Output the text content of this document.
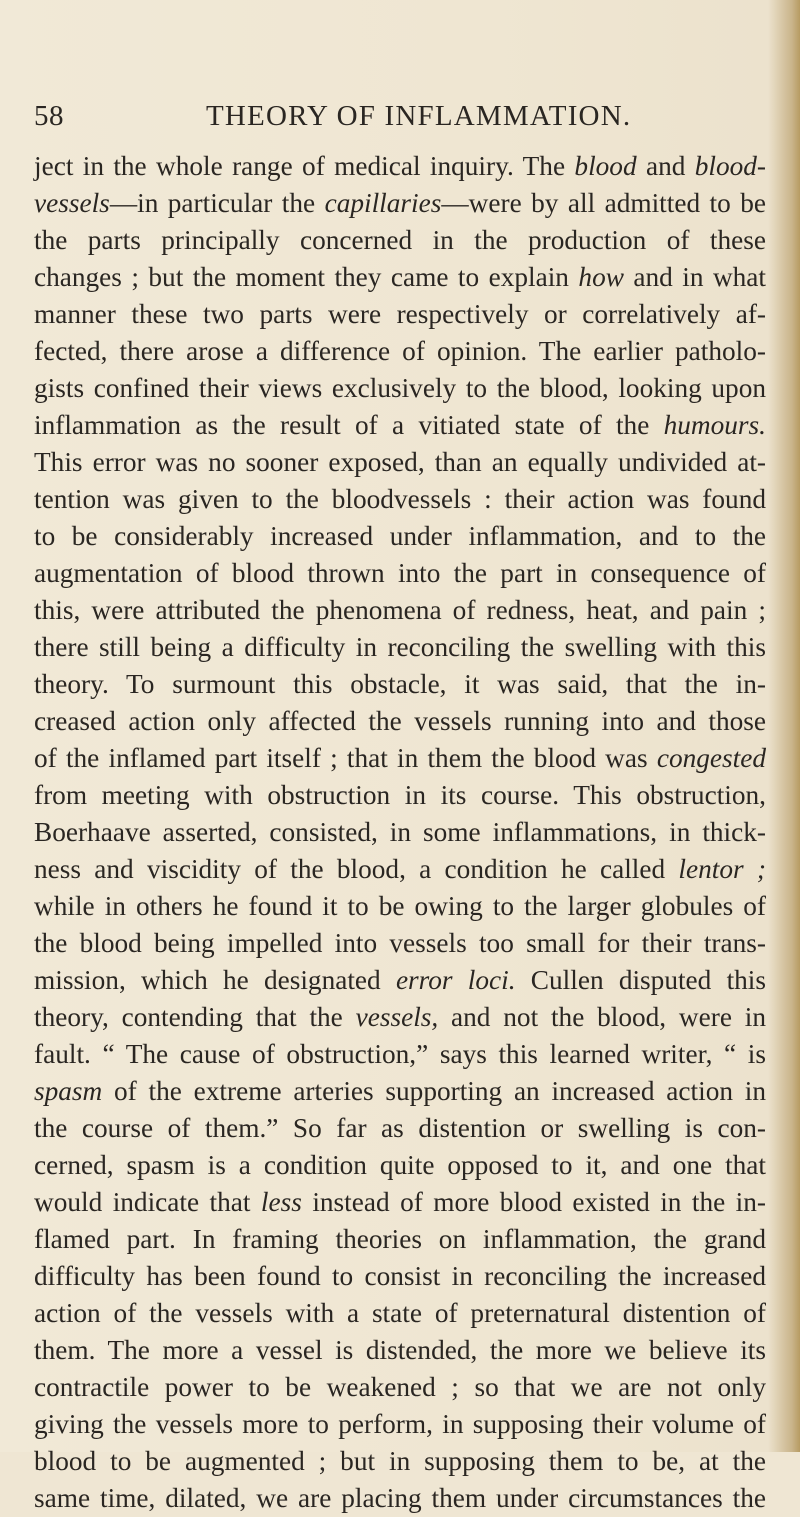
58	THEORY OF INFLAMMATION.
ject in the whole range of medical inquiry. The blood and blood-
vessels—in particular the capillaries—were by all admitted to be
the parts principally concerned in the production of these
changes ; but the moment they came to explain how and in what
manner these two parts were respectively or correlatively af-
fected, there arose a difference of opinion. The earlier patholo-
gists confined their views exclusively to the blood, looking upon
inflammation as the result of a vitiated state of the humours.
This error was no sooner exposed, than an equally undivided at-
tention was given to the bloodvessels : their action was found
to be considerably increased under inflammation, and to the
augmentation of blood thrown into the part in consequence of
this, were attributed the phenomena of redness, heat, and pain ;
there still being a difficulty in reconciling the swelling with this
theory. To surmount this obstacle, it was said, that the in-
creased action only affected the vessels running into and those
of the inflamed part itself ; that in them the blood was congested
from meeting with obstruction in its course. This obstruction,
Boerhaave asserted, consisted, in some inflammations, in thick-
ness and viscidity of the blood, a condition he called lentor ;
while in others he found it to be owing to the larger globules of
the blood being impelled into vessels too small for their trans-
mission, which he designated error loci. Cullen disputed this
theory, contending that the vessels, and not the blood, were in
fault. “ The cause of obstruction,” says this learned writer, “ is
spasm of the extreme arteries supporting an increased action in
the course of them.” So far as distention or swelling is con-
cerned, spasm is a condition quite opposed to it, and one that
would indicate that less instead of more blood existed in the in-
flamed part. In framing theories on inflammation, the grand
difficulty has been found to consist in reconciling the increased
action of the vessels with a state of preternatural distention of
them. The more a vessel is distended, the more we believe its
contractile power to be weakened ; so that we are not only
giving the vessels more to perform, in supposing their volume of
blood to be augmented ; but in supposing them to be, at the
same time, dilated, we are placing them under circumstances the
